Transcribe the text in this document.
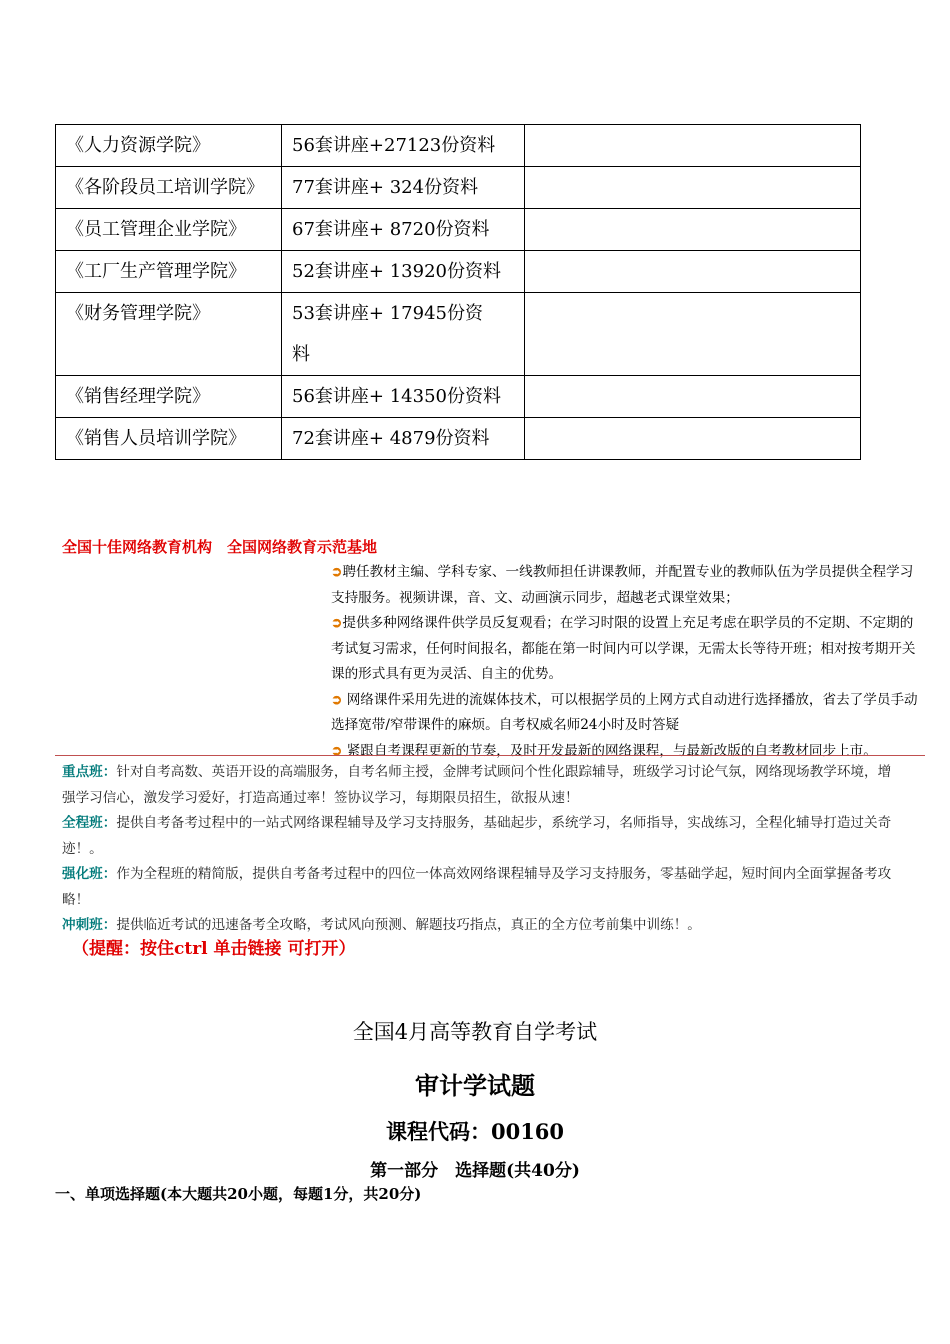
《人力资源学院》	56套讲座+27123份资料	
《各阶段员工培训学院》	77套讲座+ 324份资料	
《员工管理企业学院》	67套讲座+ 8720份资料	
《工厂生产管理学院》	52套讲座+ 13920份资料	
《财务管理学院》	53套讲座+ 17945份资料	
《销售经理学院》	56套讲座+ 14350份资料	
《销售人员培训学院》	72套讲座+ 4879份资料	
全国十佳网络教育机构　全国网络教育示范基地
➲聘任教材主编、学科专家、一线教师担任讲课教师，并配置专业的教师队伍为学员提供全程学习支持服务。视频讲课，音、文、动画演示同步，超越老式课堂效果；
➲提供多种网络课件供学员反复观看；在学习时限的设置上充足考虑在职学员的不定期、不定期的考试复习需求，任何时间报名，都能在第一时间内可以学课，无需太长等待开班；相对按考期开关课的形式具有更为灵活、自主的优势。
➲ 网络课件采用先进的流媒体技术，可以根据学员的上网方式自动进行选择播放，省去了学员手动选择宽带/窄带课件的麻烦。自考权威名师24小时及时答疑
➲ 紧跟自考课程更新的节奏，及时开发最新的网络课程，与最新改版的自考教材同步上市。

重点班：针对自考高数、英语开设的高端服务，自考名师主授，金牌考试顾问个性化跟踪辅导，班级学习讨论气氛，网络现场教学环境，增　强学习信心，激发学习爱好，打造高通过率！签协议学习，每期限员招生，欲报从速！

全程班：提供自考备考过程中的一站式网络课程辅导及学习支持服务，基础起步，系统学习，名师指导，实战练习，全程化辅导打造过关奇迹！。

强化班：作为全程班的精简版，提供自考备考过程中的四位一体高效网络课程辅导及学习支持服务，零基础学起，短时间内全面掌握备考攻略！

冲刺班：提供临近考试的迅速备考全攻略，考试风向预测、解题技巧指点，真正的全方位考前集中训练！。

（提醒：按住ctrl 单击链接 可打开）
全国4月高等教育自学考试
审计学试题
课程代码：00160
第一部分　选择题(共40分)
一、单项选择题(本大题共20小题，每题1分，共20分)
